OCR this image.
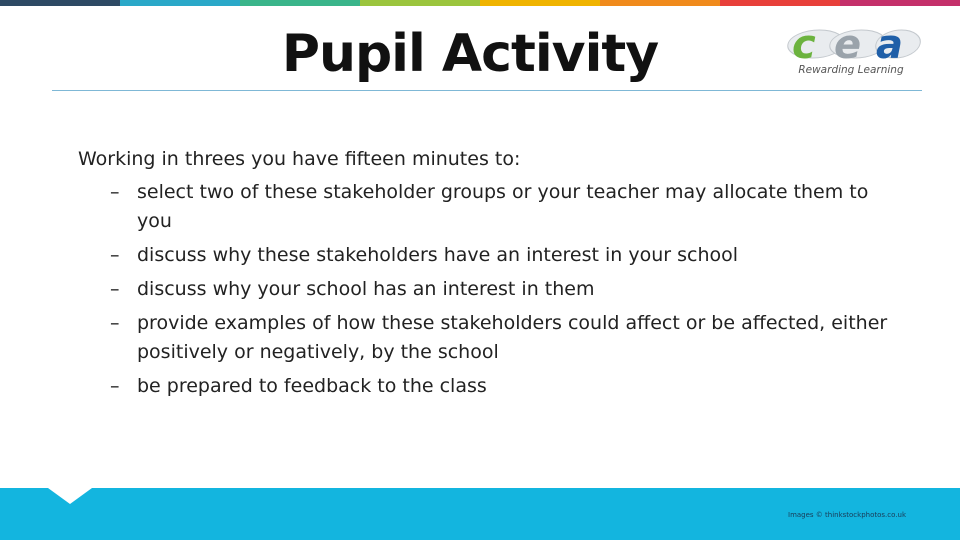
Pupil Activity	c e a
Rewarding Learning

Working in threes you have fifteen minutes to:

– select two of these stakeholder groups or your teacher may allocate them to you
– discuss why these stakeholders have an interest in your school
– discuss why your school has an interest in them
– provide examples of how these stakeholders could affect or be affected, either positively or negatively, by the school
– be prepared to feedback to the class
Images © thinkstockphotos.co.uk
